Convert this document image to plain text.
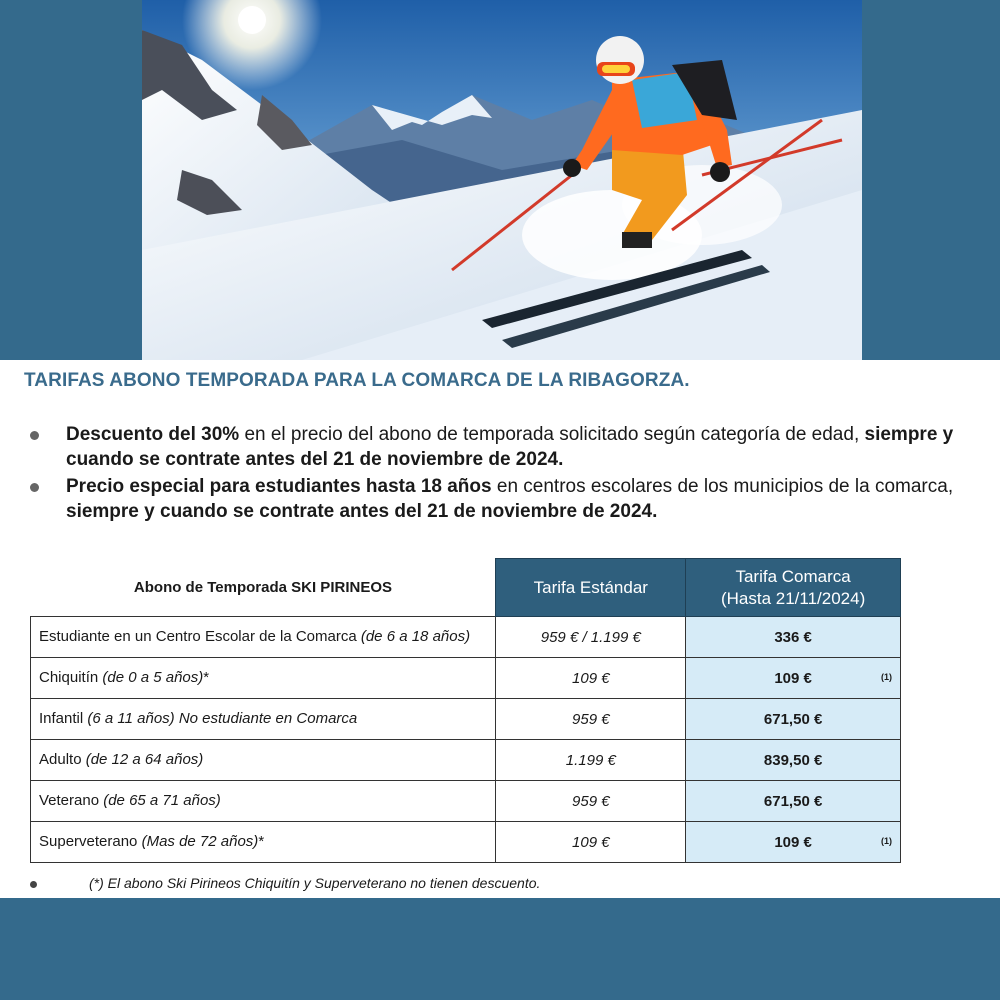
TARIFAS ABONO TEMPORADA PARA LA COMARCA DE LA RIBAGORZA.
Descuento del 30% en el precio del abono de temporada solicitado según categoría de edad, siempre y cuando se contrate antes del 21 de noviembre de 2024.
Precio especial para estudiantes hasta 18 años en centros escolares de los municipios de la comarca, siempre y cuando se contrate antes del 21 de noviembre de 2024.
Abono de Temporada SKI PIRINEOS	Tarifa Estándar	Tarifa Comarca
(Hasta 21/11/2024)

Estudiante en un Centro Escolar de la Comarca (de 6 a 18 años)	959 € / 1.199 €	336 €
Chiquitín (de 0 a 5 años)*	109 €	109 € (1)

Infantil (6 a 11 años) No estudiante en Comarca	959 €	671,50 €
Adulto (de 12 a 64 años)	1.199 €	839,50 €
Veterano (de 65 a 71 años)	959 €	671,50 €
Superveterano (Mas de 72 años)*	109 €	109 € (1)
(*) El abono Ski Pirineos Chiquitín y Superveterano no tienen descuento.
